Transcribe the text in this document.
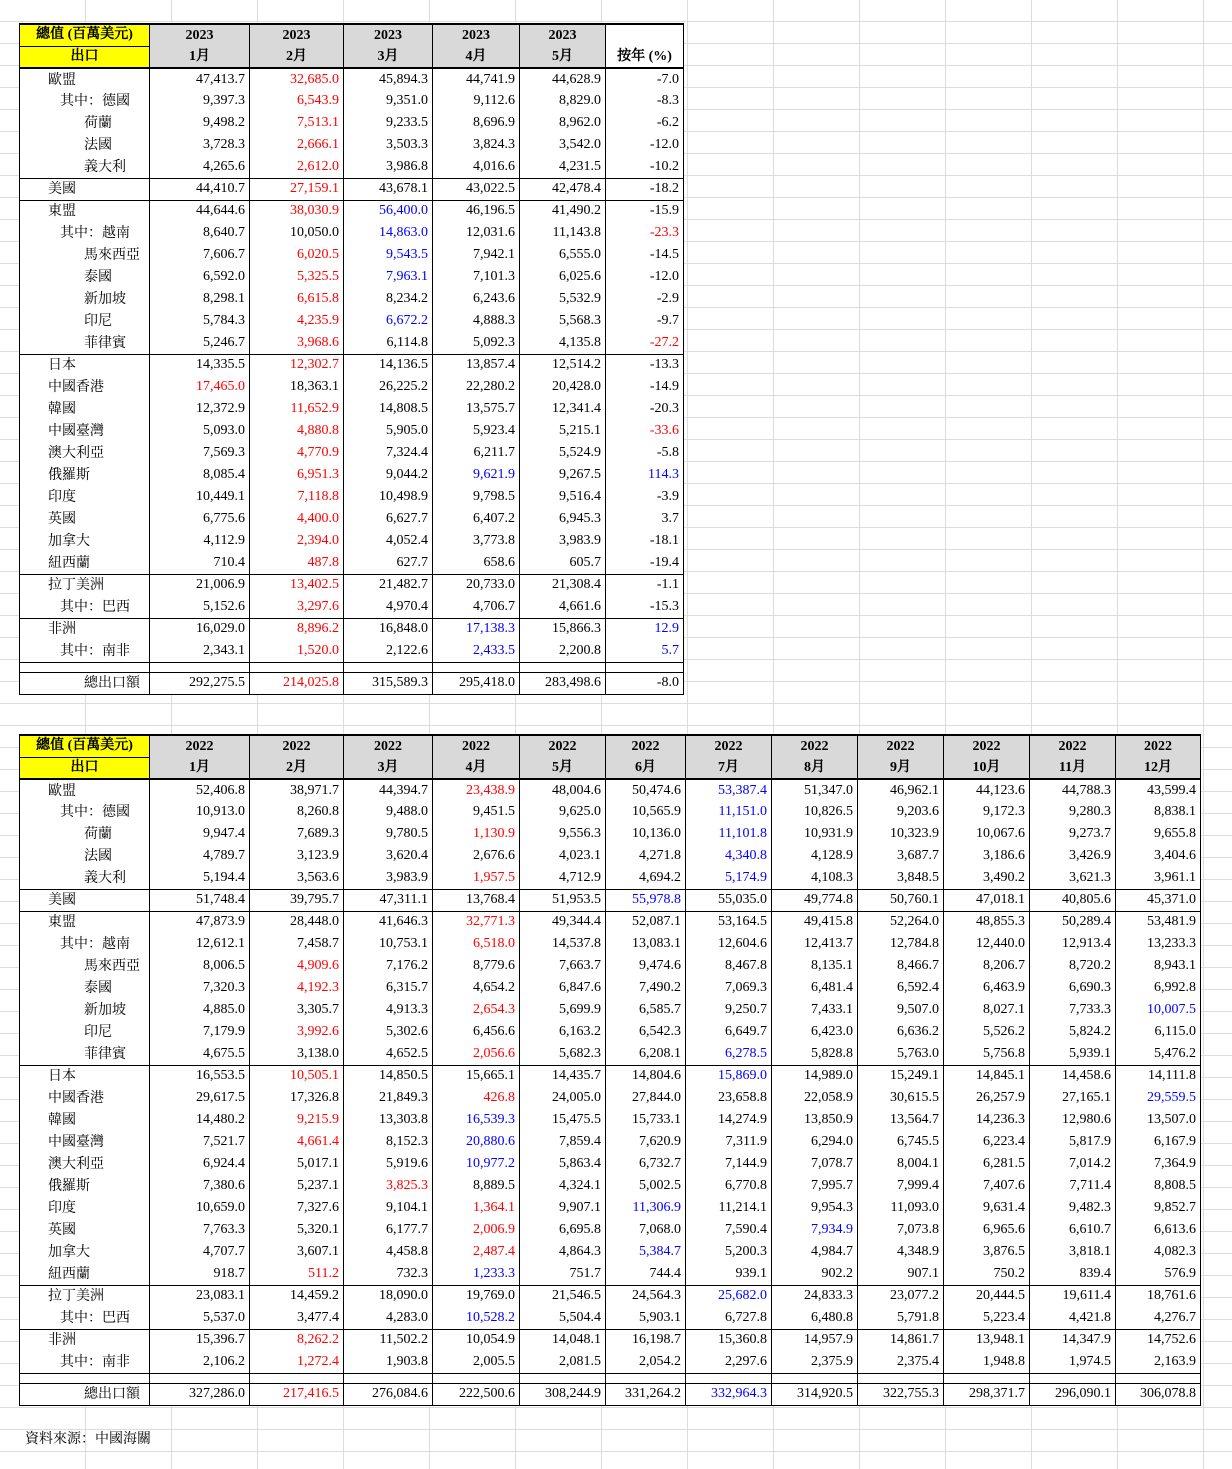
總值 (百萬美元)	2023	2023	2023	2023	2023	
出口	1月	2月	3月	4月	5月	按年 (%)
歐盟	47,413.7	32,685.0	45,894.3	44,741.9	44,628.9	-7.0
其中：德國	9,397.3	6,543.9	9,351.0	9,112.6	8,829.0	-8.3
荷蘭	9,498.2	7,513.1	9,233.5	8,696.9	8,962.0	-6.2
法國	3,728.3	2,666.1	3,503.3	3,824.3	3,542.0	-12.0
義大利	4,265.6	2,612.0	3,986.8	4,016.6	4,231.5	-10.2
美國	44,410.7	27,159.1	43,678.1	43,022.5	42,478.4	-18.2
東盟	44,644.6	38,030.9	56,400.0	46,196.5	41,490.2	-15.9
其中：越南	8,640.7	10,050.0	14,863.0	12,031.6	11,143.8	-23.3
馬來西亞	7,606.7	6,020.5	9,543.5	7,942.1	6,555.0	-14.5
泰國	6,592.0	5,325.5	7,963.1	7,101.3	6,025.6	-12.0
新加坡	8,298.1	6,615.8	8,234.2	6,243.6	5,532.9	-2.9
印尼	5,784.3	4,235.9	6,672.2	4,888.3	5,568.3	-9.7
菲律賓	5,246.7	3,968.6	6,114.8	5,092.3	4,135.8	-27.2
日本	14,335.5	12,302.7	14,136.5	13,857.4	12,514.2	-13.3
中國香港	17,465.0	18,363.1	26,225.2	22,280.2	20,428.0	-14.9
韓國	12,372.9	11,652.9	14,808.5	13,575.7	12,341.4	-20.3
中國臺灣	5,093.0	4,880.8	5,905.0	5,923.4	5,215.1	-33.6
澳大利亞	7,569.3	4,770.9	7,324.4	6,211.7	5,524.9	-5.8
俄羅斯	8,085.4	6,951.3	9,044.2	9,621.9	9,267.5	114.3
印度	10,449.1	7,118.8	10,498.9	9,798.5	9,516.4	-3.9
英國	6,775.6	4,400.0	6,627.7	6,407.2	6,945.3	3.7
加拿大	4,112.9	2,394.0	4,052.4	3,773.8	3,983.9	-18.1
紐西蘭	710.4	487.8	627.7	658.6	605.7	-19.4
拉丁美洲	21,006.9	13,402.5	21,482.7	20,733.0	21,308.4	-1.1
其中：巴西	5,152.6	3,297.6	4,970.4	4,706.7	4,661.6	-15.3
非洲	16,029.0	8,896.2	16,848.0	17,138.3	15,866.3	12.9
其中：南非	2,343.1	1,520.0	2,122.6	2,433.5	2,200.8	5.7

總出口額	292,275.5	214,025.8	315,589.3	295,418.0	283,498.6	-8.0
總值 (百萬美元)	2022	2022	2022	2022	2022	2022	2022	2022	2022	2022	2022	2022
出口	1月	2月	3月	4月	5月	6月	7月	8月	9月	10月	11月	12月
歐盟	52,406.8	38,971.7	44,394.7	23,438.9	48,004.6	50,474.6	53,387.4	51,347.0	46,962.1	44,123.6	44,788.3	43,599.4
其中：德國	10,913.0	8,260.8	9,488.0	9,451.5	9,625.0	10,565.9	11,151.0	10,826.5	9,203.6	9,172.3	9,280.3	8,838.1
荷蘭	9,947.4	7,689.3	9,780.5	1,130.9	9,556.3	10,136.0	11,101.8	10,931.9	10,323.9	10,067.6	9,273.7	9,655.8
法國	4,789.7	3,123.9	3,620.4	2,676.6	4,023.1	4,271.8	4,340.8	4,128.9	3,687.7	3,186.6	3,426.9	3,404.6
義大利	5,194.4	3,563.6	3,983.9	1,957.5	4,712.9	4,694.2	5,174.9	4,108.3	3,848.5	3,490.2	3,621.3	3,961.1
美國	51,748.4	39,795.7	47,311.1	13,768.4	51,953.5	55,978.8	55,035.0	49,774.8	50,760.1	47,018.1	40,805.6	45,371.0
東盟	47,873.9	28,448.0	41,646.3	32,771.3	49,344.4	52,087.1	53,164.5	49,415.8	52,264.0	48,855.3	50,289.4	53,481.9
其中：越南	12,612.1	7,458.7	10,753.1	6,518.0	14,537.8	13,083.1	12,604.6	12,413.7	12,784.8	12,440.0	12,913.4	13,233.3
馬來西亞	8,006.5	4,909.6	7,176.2	8,779.6	7,663.7	9,474.6	8,467.8	8,135.1	8,466.7	8,206.7	8,720.2	8,943.1
泰國	7,320.3	4,192.3	6,315.7	4,654.2	6,847.6	7,490.2	7,069.3	6,481.4	6,592.4	6,463.9	6,690.3	6,992.8
新加坡	4,885.0	3,305.7	4,913.3	2,654.3	5,699.9	6,585.7	9,250.7	7,433.1	9,507.0	8,027.1	7,733.3	10,007.5
印尼	7,179.9	3,992.6	5,302.6	6,456.6	6,163.2	6,542.3	6,649.7	6,423.0	6,636.2	5,526.2	5,824.2	6,115.0
菲律賓	4,675.5	3,138.0	4,652.5	2,056.6	5,682.3	6,208.1	6,278.5	5,828.8	5,763.0	5,756.8	5,939.1	5,476.2
日本	16,553.5	10,505.1	14,850.5	15,665.1	14,435.7	14,804.6	15,869.0	14,989.0	15,249.1	14,845.1	14,458.6	14,111.8
中國香港	29,617.5	17,326.8	21,849.3	426.8	24,005.0	27,844.0	23,658.8	22,058.9	30,615.5	26,257.9	27,165.1	29,559.5
韓國	14,480.2	9,215.9	13,303.8	16,539.3	15,475.5	15,733.1	14,274.9	13,850.9	13,564.7	14,236.3	12,980.6	13,507.0
中國臺灣	7,521.7	4,661.4	8,152.3	20,880.6	7,859.4	7,620.9	7,311.9	6,294.0	6,745.5	6,223.4	5,817.9	6,167.9
澳大利亞	6,924.4	5,017.1	5,919.6	10,977.2	5,863.4	6,732.7	7,144.9	7,078.7	8,004.1	6,281.5	7,014.2	7,364.9
俄羅斯	7,380.6	5,237.1	3,825.3	8,889.5	4,324.1	5,002.5	6,770.8	7,995.7	7,999.4	7,407.6	7,711.4	8,808.5
印度	10,659.0	7,327.6	9,104.1	1,364.1	9,907.1	11,306.9	11,214.1	9,954.3	11,093.0	9,631.4	9,482.3	9,852.7
英國	7,763.3	5,320.1	6,177.7	2,006.9	6,695.8	7,068.0	7,590.4	7,934.9	7,073.8	6,965.6	6,610.7	6,613.6
加拿大	4,707.7	3,607.1	4,458.8	2,487.4	4,864.3	5,384.7	5,200.3	4,984.7	4,348.9	3,876.5	3,818.1	4,082.3
紐西蘭	918.7	511.2	732.3	1,233.3	751.7	744.4	939.1	902.2	907.1	750.2	839.4	576.9
拉丁美洲	23,083.1	14,459.2	18,090.0	19,769.0	21,546.5	24,564.3	25,682.0	24,833.3	23,077.2	20,444.5	19,611.4	18,761.6
其中：巴西	5,537.0	3,477.4	4,283.0	10,528.2	5,504.4	5,903.1	6,727.8	6,480.8	5,791.8	5,223.4	4,421.8	4,276.7
非洲	15,396.7	8,262.2	11,502.2	10,054.9	14,048.1	16,198.7	15,360.8	14,957.9	14,861.7	13,948.1	14,347.9	14,752.6
其中：南非	2,106.2	1,272.4	1,903.8	2,005.5	2,081.5	2,054.2	2,297.6	2,375.9	2,375.4	1,948.8	1,974.5	2,163.9

總出口額	327,286.0	217,416.5	276,084.6	222,500.6	308,244.9	331,264.2	332,964.3	314,920.5	322,755.3	298,371.7	296,090.1	306,078.8
資料來源：中國海關
